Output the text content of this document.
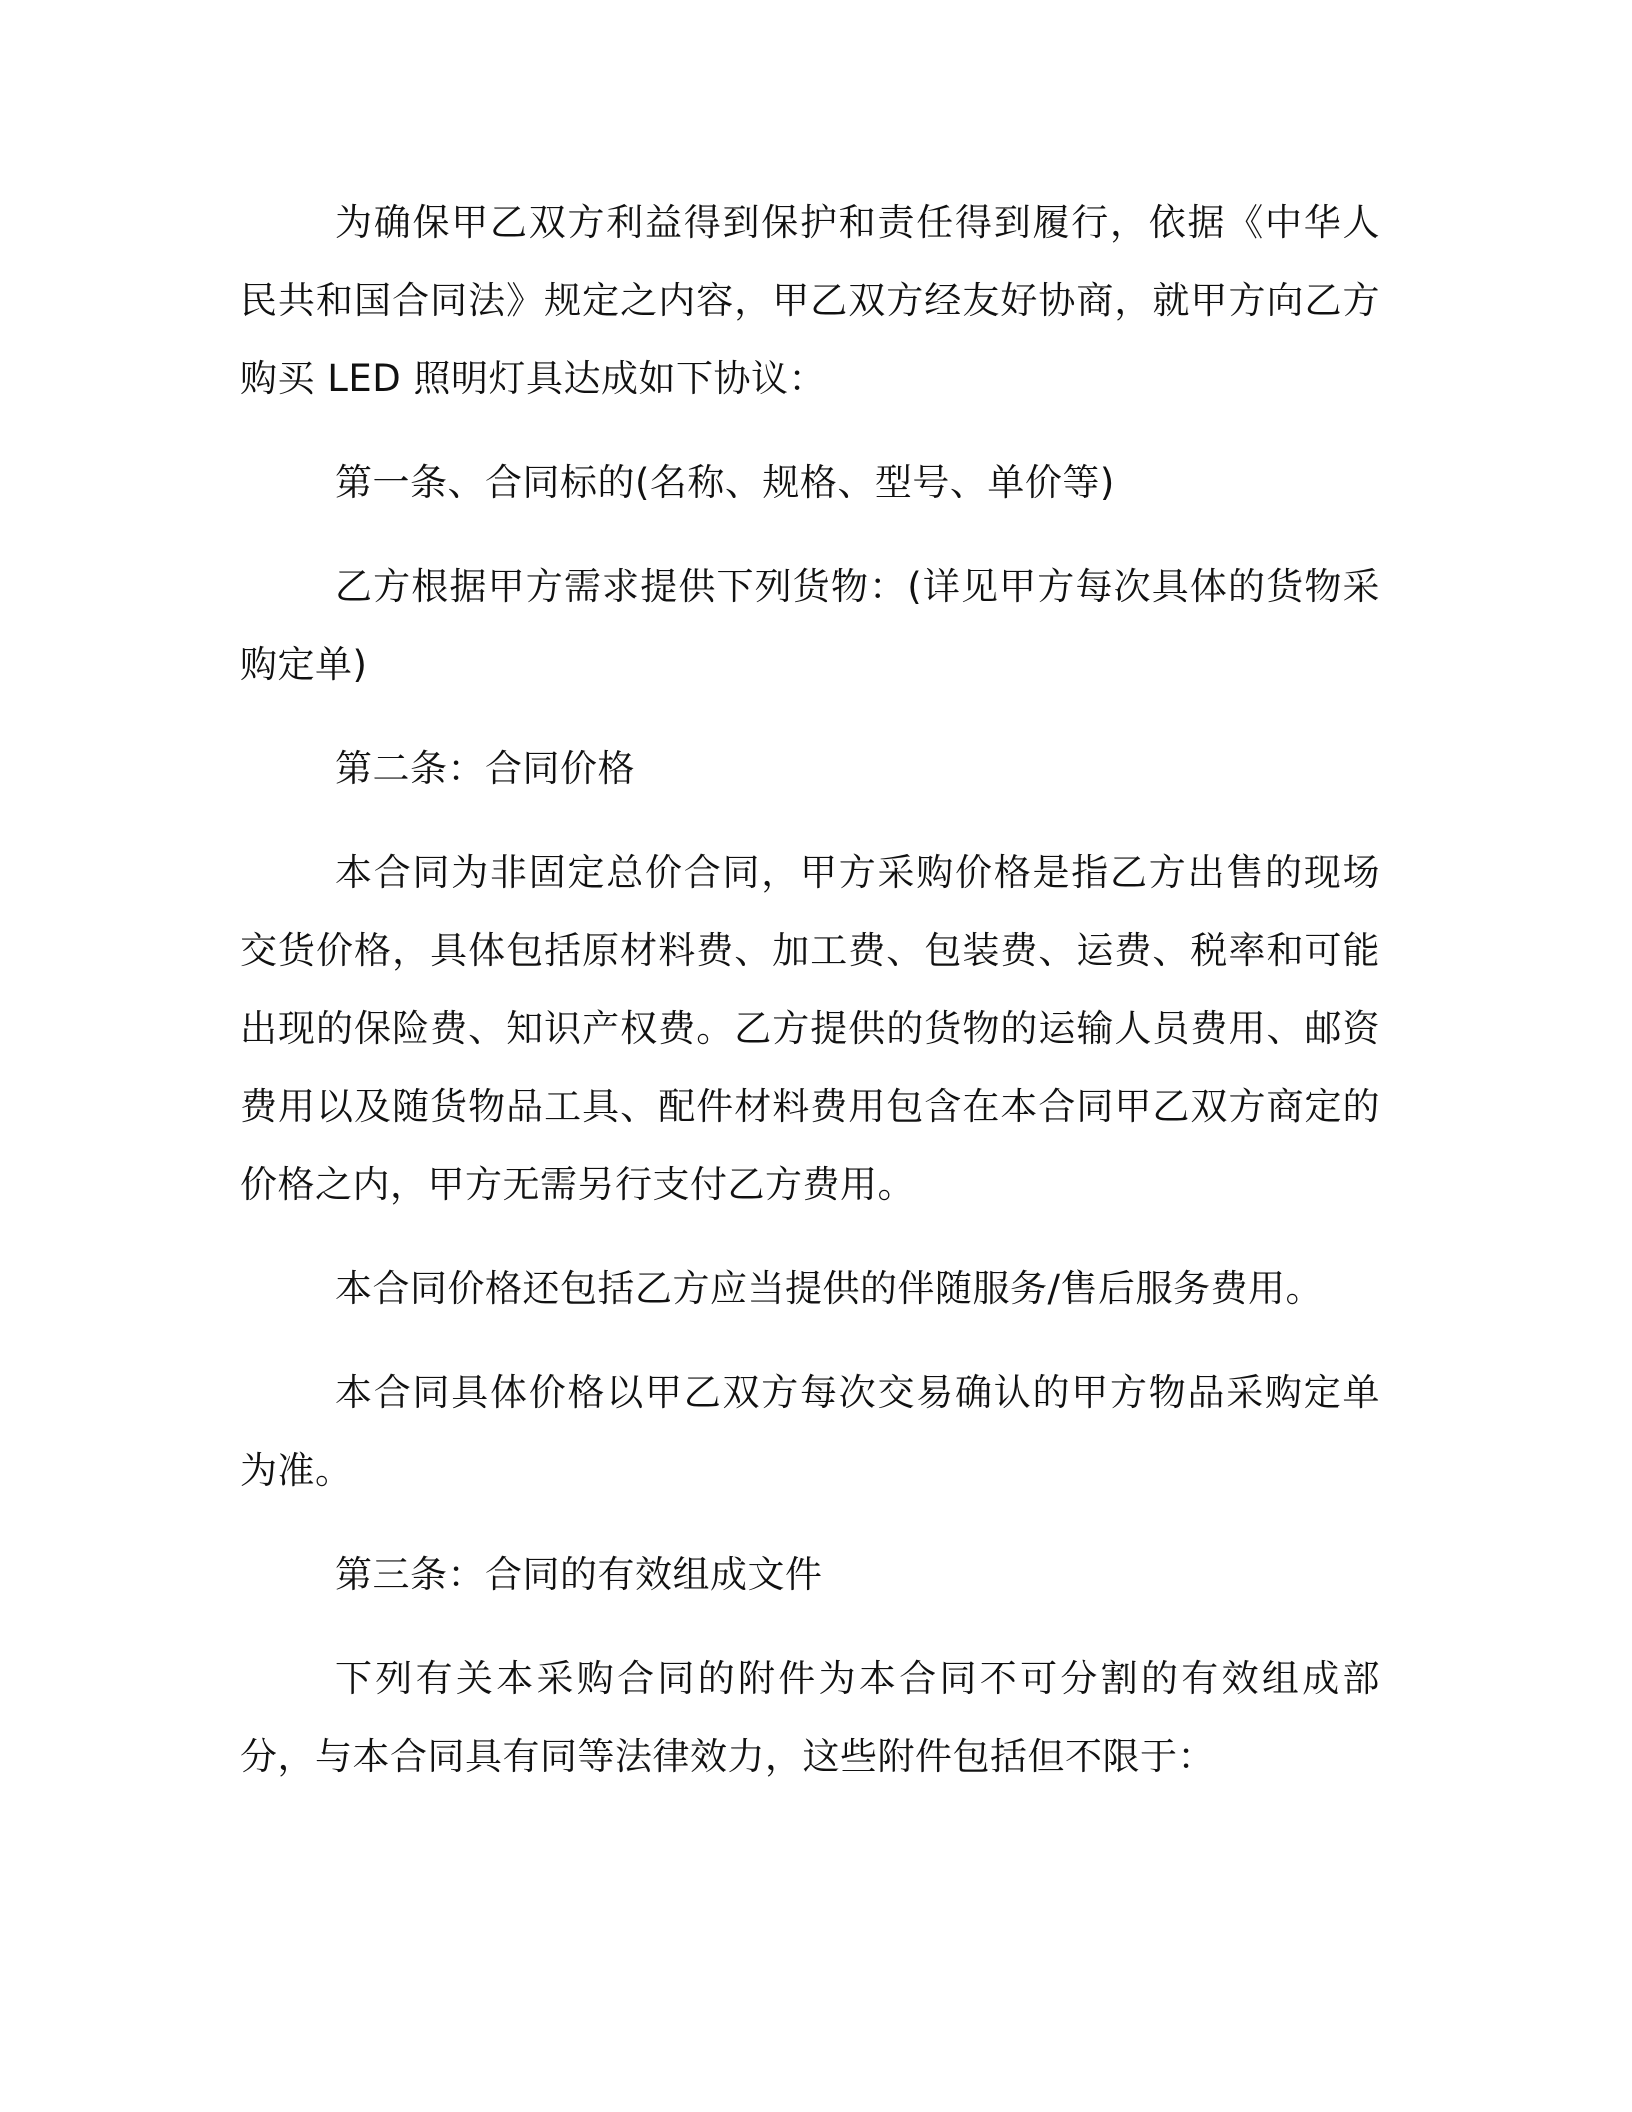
为确保甲乙双方利益得到保护和责任得到履行，依据《中华人民共和国合同法》规定之内容，甲乙双方经友好协商，就甲方向乙方购买 LED 照明灯具达成如下协议：

第一条、合同标的(名称、规格、型号、单价等)

乙方根据甲方需求提供下列货物：(详见甲方每次具体的货物采购定单)

第二条：合同价格

本合同为非固定总价合同，甲方采购价格是指乙方出售的现场交货价格，具体包括原材料费、加工费、包装费、运费、税率和可能出现的保险费、知识产权费。乙方提供的货物的运输人员费用、邮资费用以及随货物品工具、配件材料费用包含在本合同甲乙双方商定的价格之内，甲方无需另行支付乙方费用。

本合同价格还包括乙方应当提供的伴随服务/售后服务费用。

本合同具体价格以甲乙双方每次交易确认的甲方物品采购定单为准。

第三条：合同的有效组成文件

下列有关本采购合同的附件为本合同不可分割的有效组成部分，与本合同具有同等法律效力，这些附件包括但不限于：
